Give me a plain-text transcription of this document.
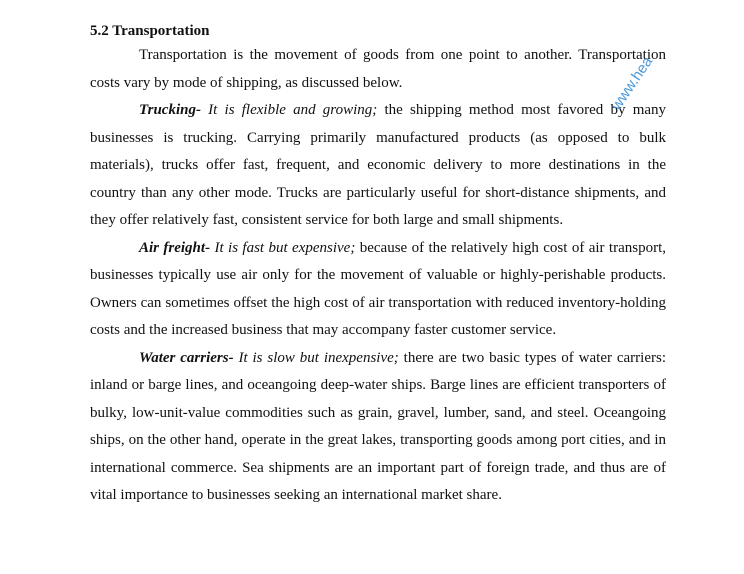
5.2 Transportation

Transportation is the movement of goods from one point to another. Transportation costs vary by mode of shipping, as discussed below.

Trucking- It is flexible and growing; the shipping method most favored by many businesses is trucking. Carrying primarily manufactured products (as opposed to bulk materials), trucks offer fast, frequent, and economic delivery to more destinations in the country than any other mode. Trucks are particularly useful for short-distance shipments, and they offer relatively fast, consistent service for both large and small shipments.

Air freight- It is fast but expensive; because of the relatively high cost of air transport, businesses typically use air only for the movement of valuable or highly-perishable products. Owners can sometimes offset the high cost of air transportation with reduced inventory-holding costs and the increased business that may accompany faster customer service.

Water carriers- It is slow but inexpensive; there are two basic types of water carriers: inland or barge lines, and oceangoing deep-water ships. Barge lines are efficient transporters of bulky, low-unit-value commodities such as grain, gravel, lumber, sand, and steel. Oceangoing ships, on the other hand, operate in the great lakes, transporting goods among port cities, and in international commerce. Sea shipments are an important part of foreign trade, and thus are of vital importance to businesses seeking an international market share.

www.hea
